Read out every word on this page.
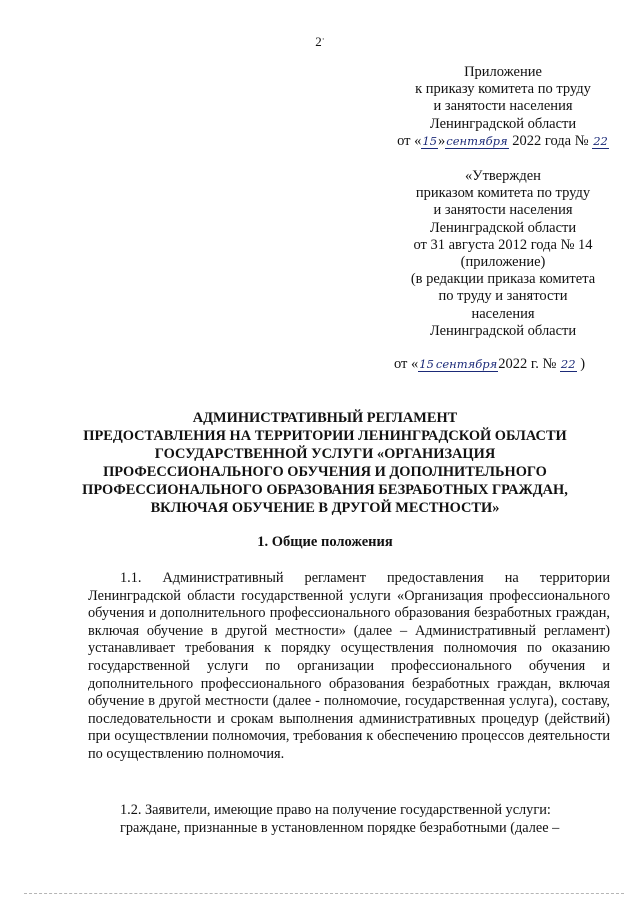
2·
Приложение
к приказу комитета по труду
и занятости населения
Ленинградской области
от «15»сентября 2022 года № 22
«Утвержден
приказом комитета по труду
и занятости населения
Ленинградской области
от 31 августа 2012 года № 14
(приложение)
(в редакции приказа комитета
по труду и занятости
населения
Ленинградской области
от «15 сентября2022 г. № 22 )
АДМИНИСТРАТИВНЫЙ РЕГЛАМЕНТ
ПРЕДОСТАВЛЕНИЯ НА ТЕРРИТОРИИ ЛЕНИНГРАДСКОЙ ОБЛАСТИ
ГОСУДАРСТВЕННОЙ УСЛУГИ «ОРГАНИЗАЦИЯ
ПРОФЕССИОНАЛЬНОГО ОБУЧЕНИЯ И ДОПОЛНИТЕЛЬНОГО
ПРОФЕССИОНАЛЬНОГО ОБРАЗОВАНИЯ БЕЗРАБОТНЫХ ГРАЖДАН,
ВКЛЮЧАЯ ОБУЧЕНИЕ В ДРУГОЙ МЕСТНОСТИ»
1. Общие положения
1.1. Административный регламент предоставления на территории Ленинградской области государственной услуги «Организация профессионального обучения и дополнительного профессионального образования безработных граждан, включая обучение в другой местности» (далее – Административный регламент) устанавливает требования к порядку осуществления полномочия по оказанию государственной услуги по организации профессионального обучения и дополнительного профессионального образования безработных граждан, включая обучение в другой местности (далее - полномочие, государственная услуга), составу, последовательности и срокам выполнения административных процедур (действий) при осуществлении полномочия, требования к обеспечению процессов деятельности по осуществлению полномочия.
1.2. Заявители, имеющие право на получение государственной услуги:
граждане, признанные в установленном порядке безработными (далее –
